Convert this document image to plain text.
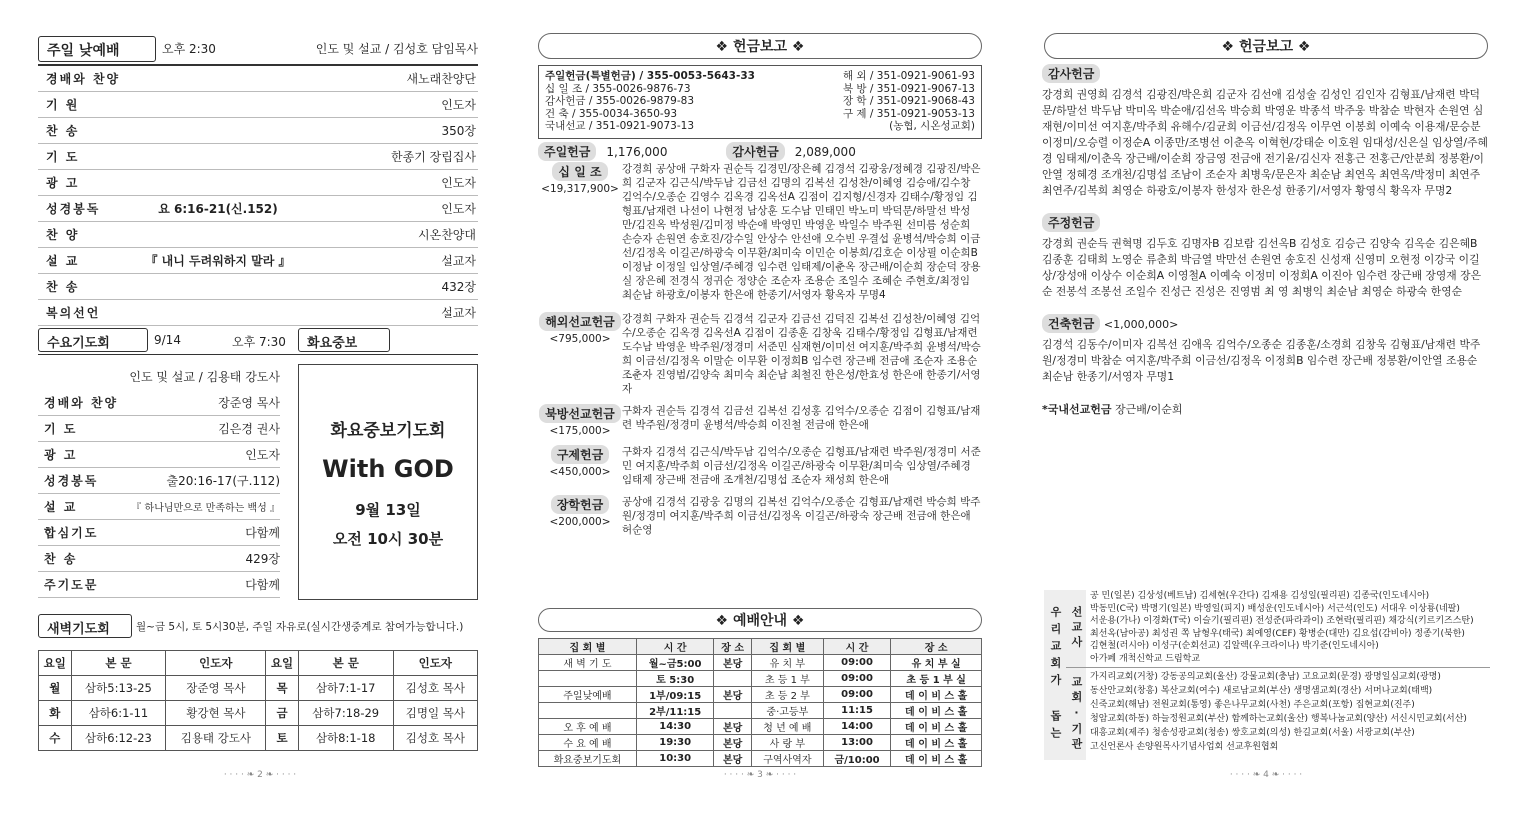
주일 낮예배	오후 2:30	인도 및 설교 / 김성호 담임목사
경배와 찬양	새노래찬양단
기 원	인도자
찬 송	350장
기 도	한종기 장립집사
광 고	인도자
성경봉독	요 6:16-21(신.152)	인도자
찬 양	시온찬양대
설 교	『 내니 두려워하지 말라 』	설교자
찬 송	432장
복의선언	설교자
수요기도회	9/14	오후 7:30	화요중보
인도 및 설교 / 김용태 강도사
경배와 찬양	장준영 목사
기 도	김은경 권사
광 고	인도자
성경봉독	출20:16-17(구.112)
설 교	『 하나님만으로 만족하는 백성 』
합심기도	다함께
찬 송	429장
주기도문	다함께
화요중보기도회
With GOD
9월 13일
오전 10시 30분
새벽기도회	월~금 5시, 토 5시30분, 주일 자유로(실시간생중계로 참여가능합니다.)
요일	본 문	인도자	요일	본 문	인도자
월	삼하5:13-25	장준영 목사	목	삼하7:1-17	김성호 목사
화	삼하6:1-11	황강현 목사	금	삼하7:18-29	김명일 목사
수	삼하6:12-23	김용태 강도사	토	삼하8:1-18	김성호 목사
· · · · ❧ 2 ❧ · · · ·
❖ 헌금보고 ❖
주일헌금(특별헌금) / 355-0053-5643-33
십 일 조 / 355-0026-9876-73
감사헌금 / 355-0026-9879-83
건 축 / 355-0034-3650-93
국내선교 / 351-0921-9073-13
해 외 / 351-0921-9061-93
북 방 / 351-0921-9067-13
장 학 / 351-0921-9068-43
구 제 / 351-0921-9053-13
(농협, 시온성교회)
주일헌금	1,176,000	감사헌금	2,089,000
십 일 조
<19,317,900>
강경희 공상애 구화자 권순득 김경민/장은혜 김경석 김광웅/정혜경 김광진/박은희 김군자 김근식/박두남 김금선 김명의 김복선 김성찬/이혜영 김승애/김수창 김억수/오종순 김영수 김옥경 김옥선A 김점이 김지형/신경자 김태수/황정임 김형표/남재련 나선이 나현정 남상훈 도수남 민태민 박노미 박덕문/하말선 박성만/김진옥 박성원/김미정 박순애 박영민 박영운 박일수 박주원 선미름 성순희 손승자 손원연 송호진/강수일 안상수 안선애 오수빈 우결섭 윤병석/박승희 이금선/김정옥 이길곤/하광숙 이무환/최미숙 이민순 이봉희/김호순 이상필 이순희B 이정남 이정일 임상열/주혜경 임수련 임태제/이춘옥 장근배/이순희 장순덕 장용실 장은혜 전경식 정귀순 정양순 조순자 조용순 조일수 조혜순 주현호/최정임 최순남 하광호/이봉자 한은애 한종기/서영자 황옥자 무명4
해외선교헌금
<795,000>
강경희 구화자 권순득 김경석 김군자 김금선 김덕진 김복선 김성찬/이혜영 김억수/오종순 김옥경 김옥선A 김점이 김종훈 김창욱 김태수/황정임 김형표/남재련 도수남 박영운 박주원/정경미 서준민 심재현/이미선 여지훈/박주희 윤병석/박승희 이금선/김정옥 이말순 이무환 이정희B 임수련 장근배 전금애 조순자 조용순 조춘자 진영범/김양숙 최미숙 최순남 최철진 한은성/한효성 한은애 한종기/서영자
북방선교헌금
<175,000>
구화자 권순득 김경석 김금선 김복선 김성홍 김억수/오종순 김점이 김형표/남재련 박주원/정경미 윤병석/박승희 이진철 전금애 한은애
구제헌금
<450,000>
구화자 김경석 김근식/박두남 김억수/오종순 김형표/남재련 박주원/정경미 서준민 여지훈/박주희 이금선/김정옥 이길곤/하광숙 이무환/최미숙 임상열/주혜경 임태제 장근배 전금애 조개천/김명섭 조순자 채성희 한은애
장학헌금
<200,000>
공상애 김경석 김광웅 김명의 김복선 김억수/오종순 김형표/남재련 박승희 박주원/정경미 여지훈/박주희 이금선/김정옥 이길곤/하광숙 장근배 전금애 한은애 허순영
❖ 예배안내 ❖
집 회 별	시 간	장 소	집 회 별	시 간	장 소
새 벽 기 도	월~금5:00	본당	유 치 부	09:00	유 치 부 실
	토 5:30		초 등 1 부	09:00	초 등 1 부 실
주일낮예배	1부/09:15	본당	초 등 2 부	09:00	데 이 비 스 홀
	2부/11:15		중·고등부	11:15	데 이 비 스 홀
오 후 예 배	14:30	본당	청 년 예 배	14:00	데 이 비 스 홀
수 요 예 배	19:30	본당	사 랑 부	13:00	데 이 비 스 홀
화요중보기도회	10:30	본당	구역사역자	금/10:00	데 이 비 스 홀
· · · · ❧ 3 ❧ · · · ·
❖ 헌금보고 ❖
감사헌금
강경희 권영희 김경석 김광진/박은희 김군자 김선애 김성술 김성인 김인자 김형표/남재련 박덕문/하말선 박두남 박미옥 박순애/김선옥 박승희 박영운 박종석 박주웅 박참순 박현자 손원연 심재현/이미선 여지훈/박주희 유해수/김균희 이금선/김정옥 이무연 이봉희 이예숙 이용재/문승분 이정미/오승렬 이정순A 이종만/조병선 이춘옥 이혁현/강태순 이호원 임대성/신은실 임상열/주혜경 임태제/이춘옥 장근배/이순희 장금영 전금애 전기윤/김신자 전홍근 전홍근/안분희 정봉환/이안열 정혜경 조개천/김명섭 조남이 조순자 최병욱/문은자 최순남 최연옥 최연옥/박정미 최연주 최연주/김복희 최영순 하광호/이봉자 한성자 한은성 한종기/서영자 황영식 황옥자 무명2
주정헌금
강경희 권순득 권혁명 김두호 김명자B 김보람 김선옥B 김성호 김승근 김양숙 김옥순 김은혜B 김종훈 김태희 노영순 류춘희 박금열 박만선 손원연 송호진 신성재 신영미 오현정 이강국 이길상/장성애 이상수 이순희A 이영철A 이예숙 이정미 이정희A 이진아 임수련 장근배 장영재 장은순 전봉석 조봉선 조일수 진성근 진성은 진영범 최 영 최병익 최순남 최영순 하광숙 한영순
건축헌금 <1,000,000>
김경석 김동수/이미자 김복선 김애옥 김억수/오종순 김종훈/소경희 김창욱 김형표/남재련 박주원/정경미 박참순 여지훈/박주희 이금선/김정옥 이정희B 임수련 장근배 정봉환/이안열 조용순 최순남 한종기/서영자 무명1
*국내선교헌금 장근배/이순희
우리교회가 돕는 선교사
공 민(일본) 김상성(베트남) 김세현(우간다) 김재용 김성일(필리핀) 김종국(인도네시아)
박동민(C국) 박명기(일본) 박영일(피지) 배성운(인도네시아) 서근석(인도) 서대우 이상룡(네팔)
서운용(가나) 이경화(T국) 이슬기(필리핀) 전성준(파라과이) 조현락(필리핀) 채강식(키르키즈스탄)
최선옥(남아공) 최성권 쪽 남형우(태국) 최예영(CEF) 황병순(대만) 김요섭(감비아) 정종기(북한)
김현철(러시아) 이성구(순회선교) 김알렉(우크라이나) 박기준(인도네시아)
아가페 개척신학교 드림학교
교회·기관 가지리교회(거창) 강동공의교회(울산) 강물교회(충남) 고요교회(문경) 광명일심교회(광명)
동산안교회(창흥) 복산교회(여수) 새로남교회(부산) 생명샘교회(경산) 서머나교회(태백)
신죽교회(해남) 전원교회(통영) 좋은나무교회(사천) 주은교회(포항) 집현교회(진주)
청암교회(하동) 하늘정원교회(부산) 함께하는교회(울산) 행복나눔교회(양산) 서신시민교회(서산)
대흥교회(제주) 청송성광교회(청송) 쌍호교회(의성) 한길교회(서울) 서광교회(부산)
고신언론사 손양원목사기념사업회 선교후원협회
· · · · ❧ 4 ❧ · · · ·
